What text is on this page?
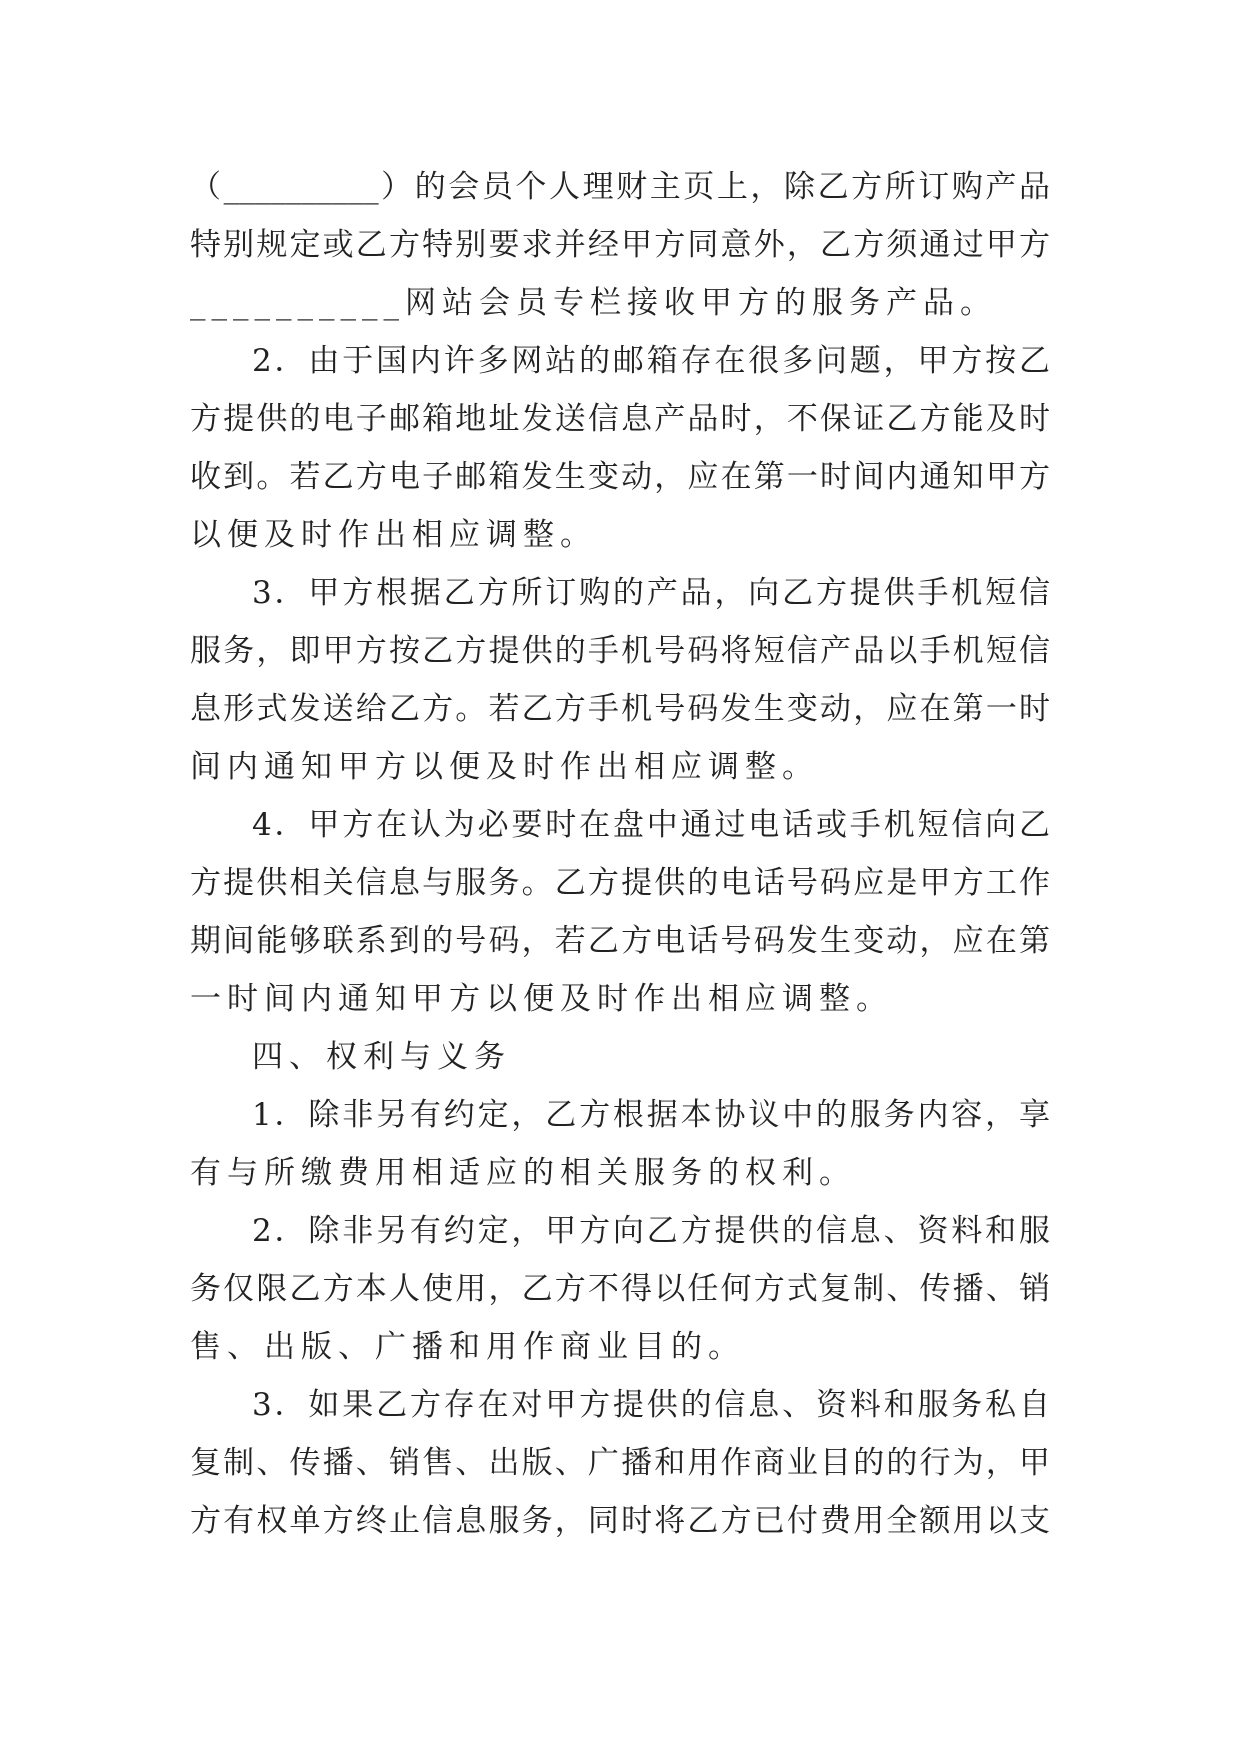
（__________）的会员个人理财主页上，除乙方所订购产品
特别规定或乙方特别要求并经甲方同意外，乙方须通过甲方
__________网站会员专栏接收甲方的服务产品。
2．由于国内许多网站的邮箱存在很多问题，甲方按乙
方提供的电子邮箱地址发送信息产品时，不保证乙方能及时
收到。若乙方电子邮箱发生变动，应在第一时间内通知甲方
以便及时作出相应调整。
3．甲方根据乙方所订购的产品，向乙方提供手机短信
服务，即甲方按乙方提供的手机号码将短信产品以手机短信
息形式发送给乙方。若乙方手机号码发生变动，应在第一时
间内通知甲方以便及时作出相应调整。
4．甲方在认为必要时在盘中通过电话或手机短信向乙
方提供相关信息与服务。乙方提供的电话号码应是甲方工作
期间能够联系到的号码，若乙方电话号码发生变动，应在第
一时间内通知甲方以便及时作出相应调整。
四、权利与义务
1．除非另有约定，乙方根据本协议中的服务内容，享
有与所缴费用相适应的相关服务的权利。
2．除非另有约定，甲方向乙方提供的信息、资料和服
务仅限乙方本人使用，乙方不得以任何方式复制、传播、销
售、出版、广播和用作商业目的。
3．如果乙方存在对甲方提供的信息、资料和服务私自
复制、传播、销售、出版、广播和用作商业目的的行为，甲
方有权单方终止信息服务，同时将乙方已付费用全额用以支
